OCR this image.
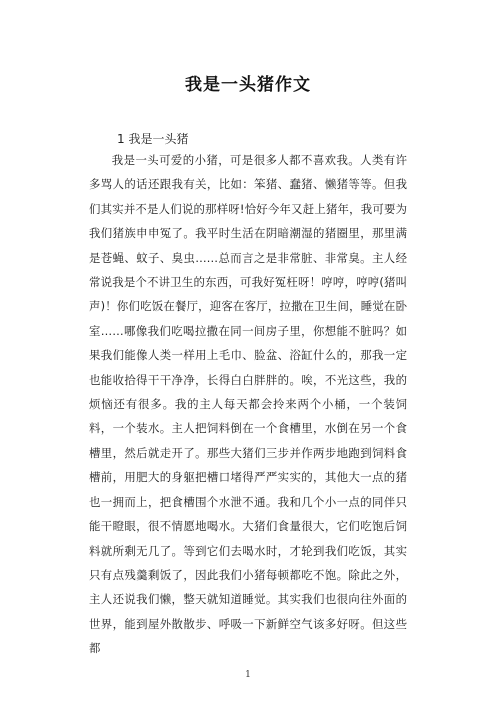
我是一头猪作文
1 我是一头猪

我是一头可爱的小猪，可是很多人都不喜欢我。人类有许多骂人的话还跟我有关，比如：笨猪、蠢猪、懒猪等等。但我们其实并不是人们说的那样呀!恰好今年又赶上猪年，我可要为我们猪族申申冤了。我平时生活在阴暗潮湿的猪圈里，那里满是苍蝇、蚊子、臭虫……总而言之是非常脏、非常臭。主人经常说我是个不讲卫生的东西，可我好冤枉呀！哼哼，哼哼(猪叫声)！你们吃饭在餐厅，迎客在客厅，拉撒在卫生间，睡觉在卧室……哪像我们吃喝拉撒在同一间房子里，你想能不脏吗？如果我们能像人类一样用上毛巾、脸盆、浴缸什么的，那我一定也能收拾得干干净净，长得白白胖胖的。唉，不光这些，我的烦恼还有很多。我的主人每天都会拎来两个小桶，一个装饲料，一个装水。主人把饲料倒在一个食槽里，水倒在另一个食槽里，然后就走开了。那些大猪们三步并作两步地跑到饲料食槽前，用肥大的身躯把槽口堵得严严实实的，其他大一点的猪也一拥而上，把食槽围个水泄不通。我和几个小一点的同伴只能干瞪眼，很不情愿地喝水。大猪们食量很大，它们吃饱后饲料就所剩无几了。等到它们去喝水时，才轮到我们吃饭，其实只有点残羹剩饭了，因此我们小猪每顿都吃不饱。除此之外，主人还说我们懒，整天就知道睡觉。其实我们也很向往外面的世界，能到屋外散散步、呼吸一下新鲜空气该多好呀。但这些都

1
